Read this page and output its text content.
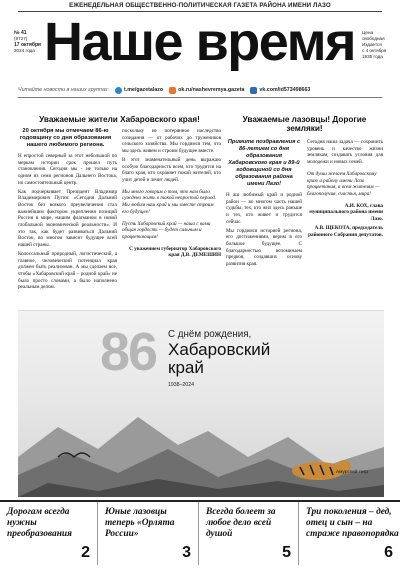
ЕЖЕНЕДЕЛЬНАЯ ОБЩЕСТВЕННО-ПОЛИТИЧЕСКАЯ ГАЗЕТА РАЙОНА ИМЕНИ ЛАЗО
№ 41
(9727)
17 октября
2024 года Наше время	Цена
свободная
Издается
с 4 октября
1935 года
Читайте новости в наших группах:	t.me/gazetalazo	ok.ru/nashevremya.gazeta	vk.com/id573498663
Уважаемые жители Хабаровского края!
20 октября мы отмечаем 86-ю годовщину со дня образования нашего любимого региона.

Н епростой северный за этот небольшой по меркам истории срок прошел путь становления. Сегодня мы - не только на одном из семи регионов Дальнего Востока, но самостоятельный центр.

Как подчеркивает Президент Владимир Владимирович Путин: «Сегодня Дальний Восток без всякого преувеличения стал важнейшим фактором укрепления позиций России в мире, нашим флагманом в новой глобальной экономической реальности». И это так, как будет развиваться Дальний Восток, во многом зависит будущее всей нашей страны.

Колоссальный природный, логистический, а главное, человеческий потенциал края должен быть реализован. А мы сделаем все, чтобы «Хабаровский край – родной край» не было просто словами, а было наполнено реальным делом.

поскольку не потерянное наследство созидания — от рабочих до тружеников сельского хозяйства. Мы гордимся тем, что мы здесь живем и строим будущее вместе.

В этот знаменательный день выражаю особую благодарность всем, кто трудится на благо края, кто охраняет покой жителей, кто учит детей и лечит людей.

Мы много говорим о том, что нам было суждено жить в такой непростой период. Мы любим наш край и мы вместе строим его будущее!

Пусть Хабаровский край — наша с вами общая гордость — будет сильным и процветающим!

С уважением губернатор Хабаровского края Д.В. ДЕМЕШИН
Уважаемые лазовцы! Дорогие земляки!
Примите поздравления с 86-летием со дня образования Хабаровского края и 89-й годовщиной со дня образования района имени Лазо!

Н аш любимый край и родной район — во многом часть нашей судьбы, тех, кто жил здесь раньше и тех, кто живет и трудится сейчас.

Мы гордимся историей региона, его достижениями, верим в его большое будущее. С благодарностью вспоминаем предков, создавших основу развития края.

Сегодня наша задача — сохранить уровень и качество жизни землякам, создавать условия для молодежи и новых семей.

От души желаем Хабаровскому краю и району имени Лазо процветания, а всем жителям — благополучия, счастья, мира!

А.И. КОХ, глава муниципального района имени Лазо.
А.В. ЩЕКОТА, председатель районного Собрания депутатов.
86 С днём рождения,
Хабаровский край
1938–2024
Амурский тигр
Дорогам всегда нужны преобразования
2
Юные лазовцы теперь «Орлята России»
3
Всегда болеет за любое дело всей душой
5
Три поколения – дед, отец и сын – на страже правопорядка
6
